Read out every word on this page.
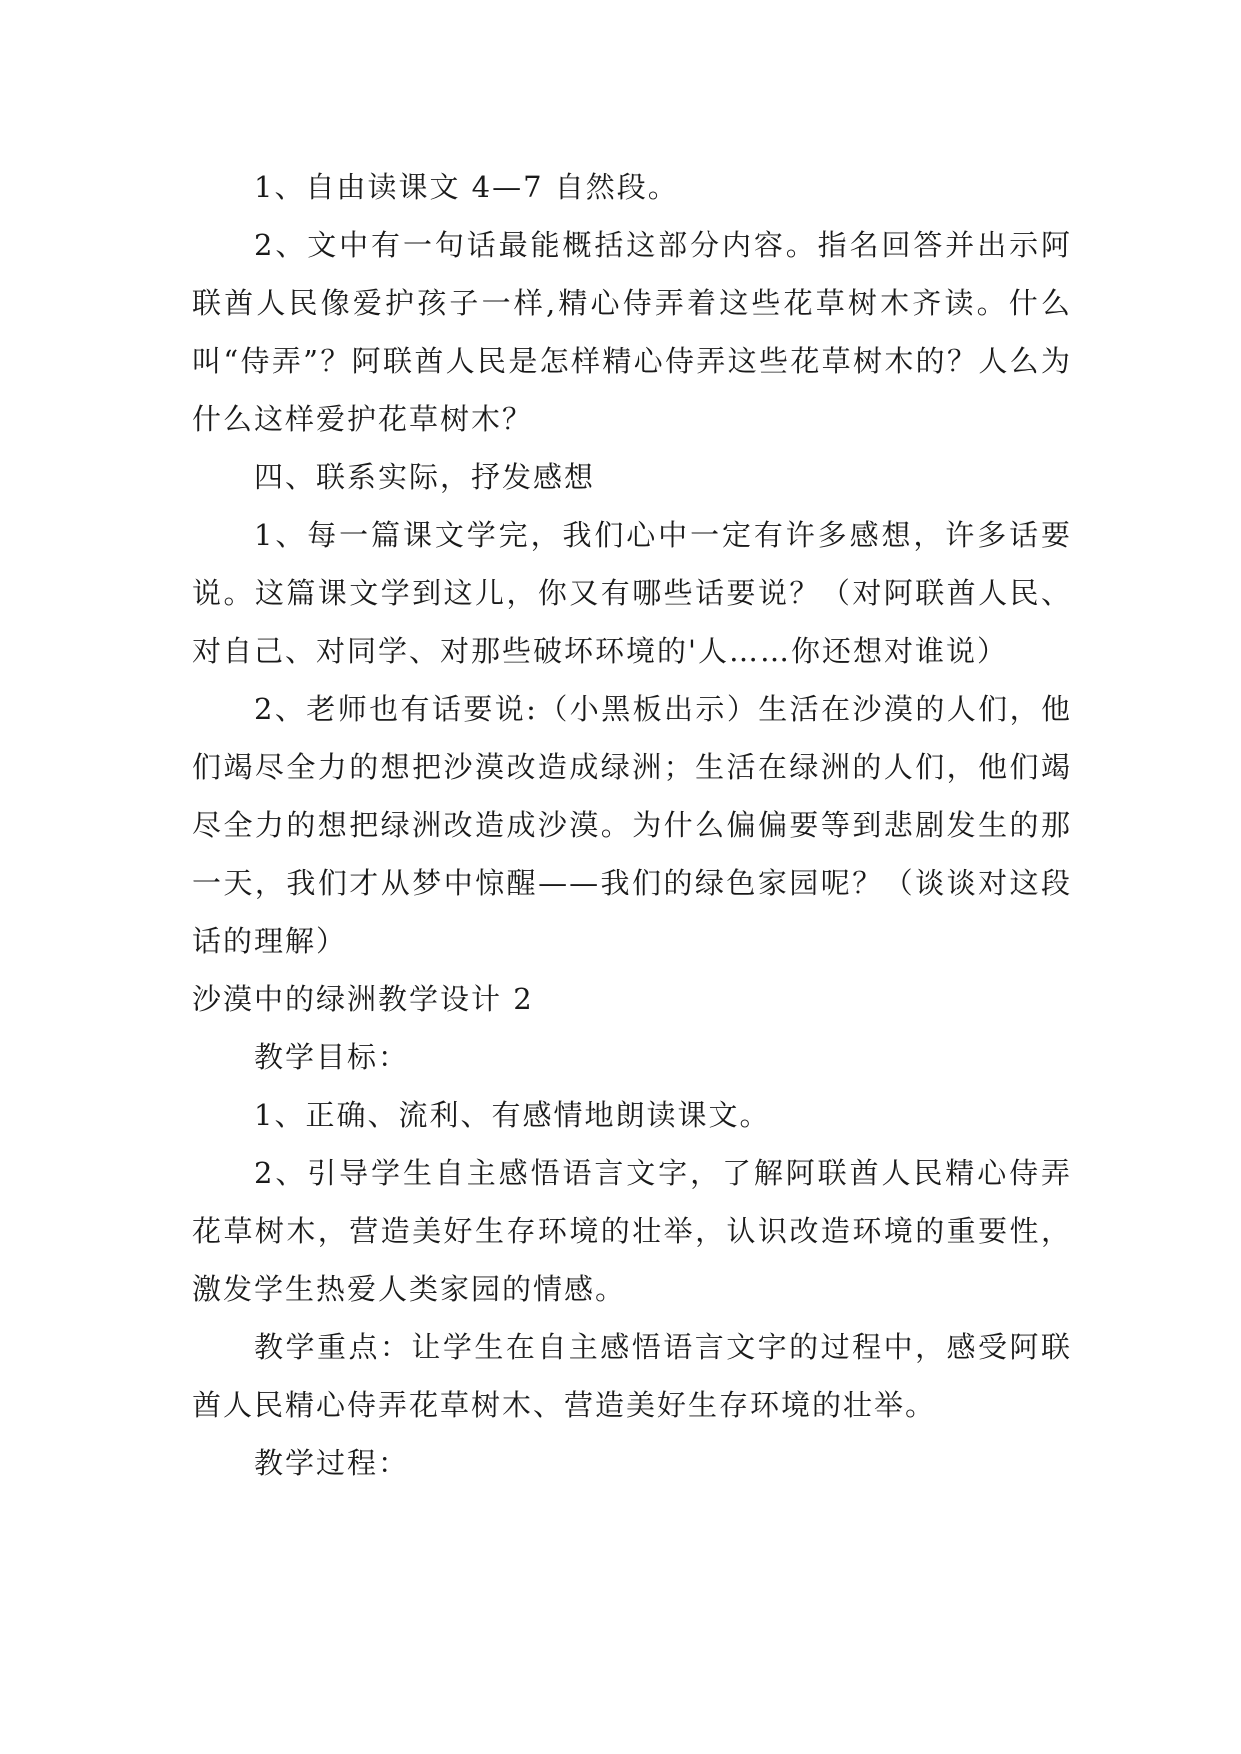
1、自由读课文 4—7 自然段。

2、文中有一句话最能概括这部分内容。指名回答并出示阿联酋人民像爱护孩子一样,精心侍弄着这些花草树木齐读。什么叫“侍弄”？阿联酋人民是怎样精心侍弄这些花草树木的？人么为什么这样爱护花草树木？

四、联系实际，抒发感想

1、每一篇课文学完，我们心中一定有许多感想，许多话要说。这篇课文学到这儿，你又有哪些话要说？（对阿联酋人民、对自己、对同学、对那些破坏环境的'人……你还想对谁说）

2、老师也有话要说:（小黑板出示）生活在沙漠的人们，他们竭尽全力的想把沙漠改造成绿洲；生活在绿洲的人们，他们竭尽全力的想把绿洲改造成沙漠。为什么偏偏要等到悲剧发生的那一天，我们才从梦中惊醒——我们的绿色家园呢？（谈谈对这段话的理解）

沙漠中的绿洲教学设计 2

教学目标：

1、正确、流利、有感情地朗读课文。

2、引导学生自主感悟语言文字，了解阿联酋人民精心侍弄花草树木，营造美好生存环境的壮举，认识改造环境的重要性，激发学生热爱人类家园的情感。

教学重点：让学生在自主感悟语言文字的过程中，感受阿联酋人民精心侍弄花草树木、营造美好生存环境的壮举。

教学过程：
